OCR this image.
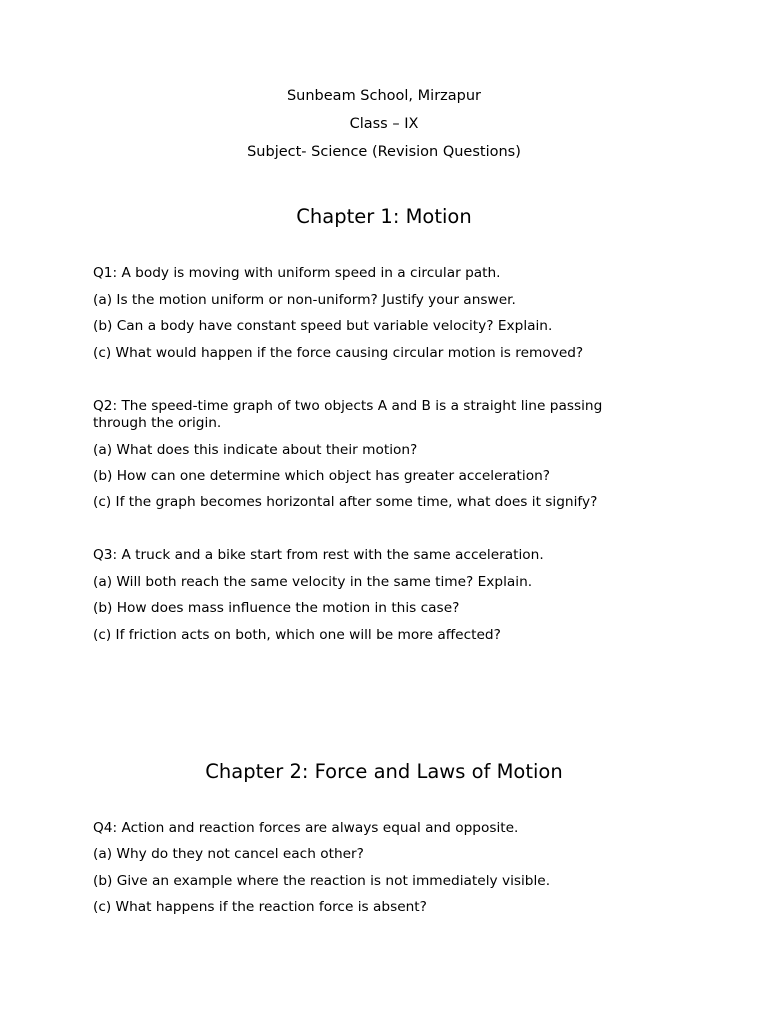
Sunbeam School, Mirzapur
Class – IX
Subject- Science (Revision Questions)
Chapter 1: Motion
Q1: A body is moving with uniform speed in a circular path.
(a) Is the motion uniform or non-uniform? Justify your answer.
(b) Can a body have constant speed but variable velocity? Explain.
(c) What would happen if the force causing circular motion is removed?
Q2: The speed-time graph of two objects A and B is a straight line passing through the origin.
(a) What does this indicate about their motion?
(b) How can one determine which object has greater acceleration?
(c) If the graph becomes horizontal after some time, what does it signify?
Q3: A truck and a bike start from rest with the same acceleration.
(a) Will both reach the same velocity in the same time? Explain.
(b) How does mass influence the motion in this case?
(c) If friction acts on both, which one will be more affected?
Chapter 2: Force and Laws of Motion
Q4: Action and reaction forces are always equal and opposite.
(a) Why do they not cancel each other?
(b) Give an example where the reaction is not immediately visible.
(c) What happens if the reaction force is absent?
